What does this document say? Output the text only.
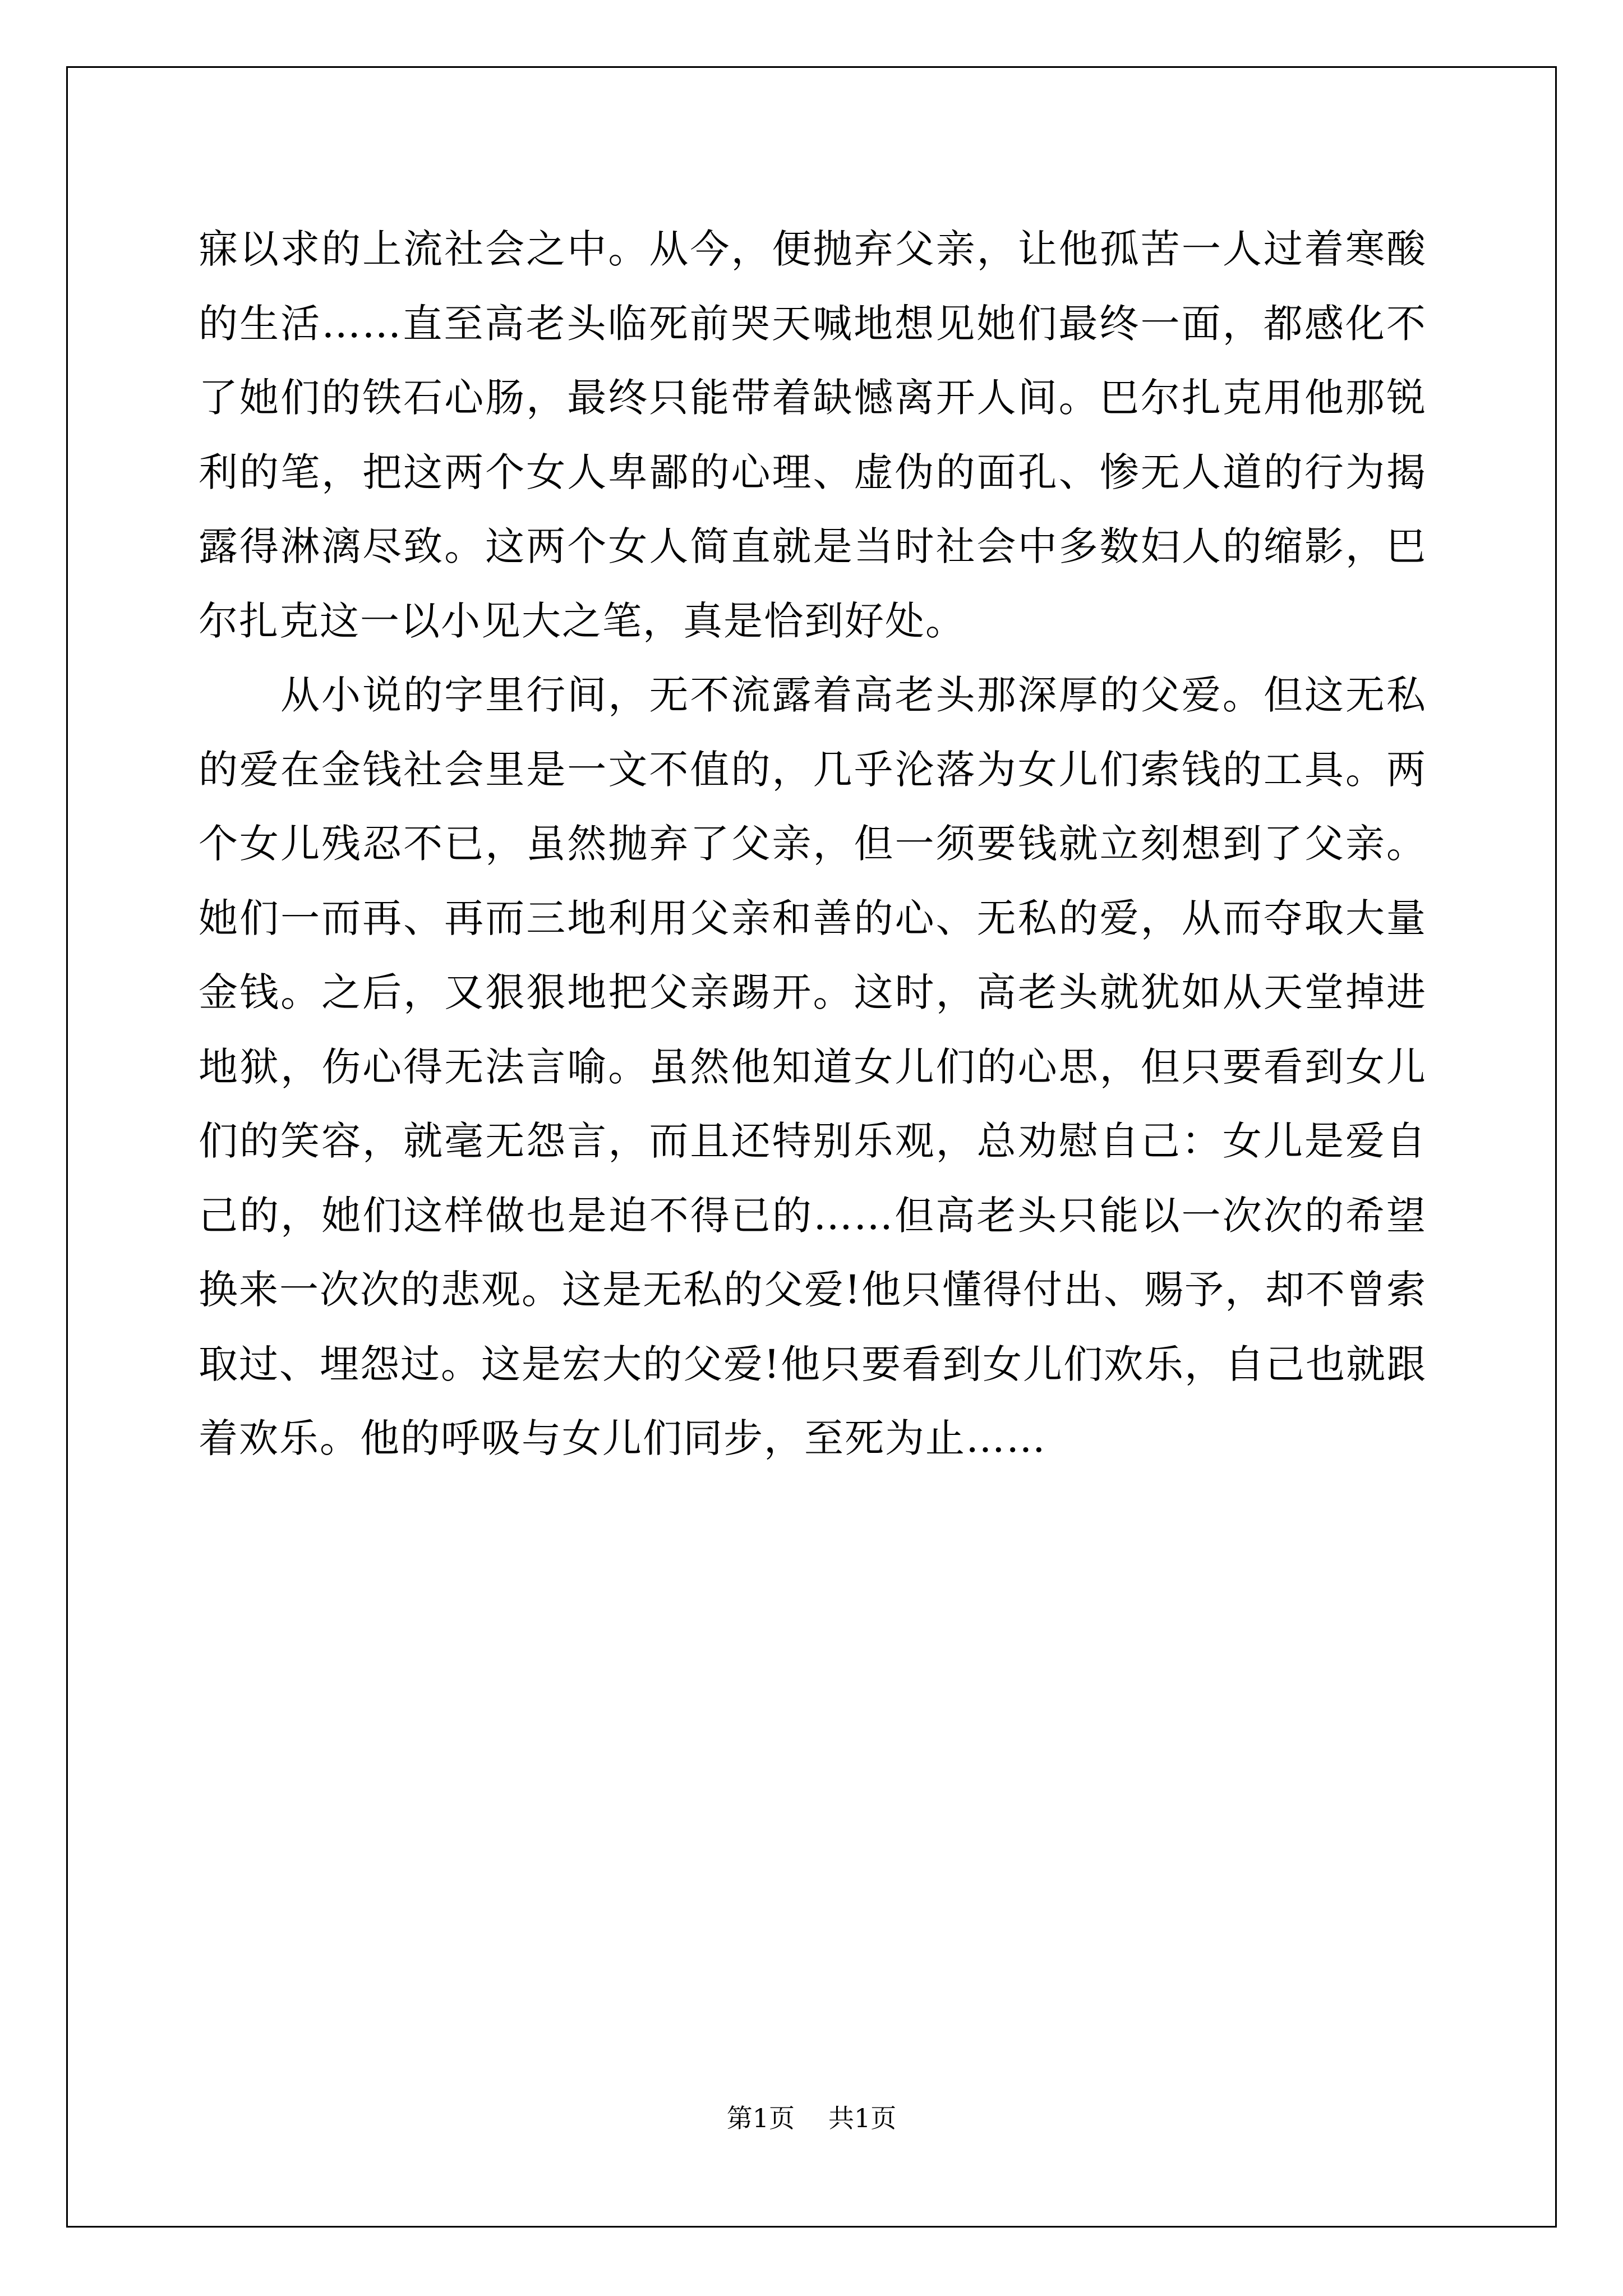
寐以求的上流社会之中。从今，便抛弃父亲，让他孤苦一人过着寒酸
的生活……直至高老头临死前哭天喊地想见她们最终一面，都感化不
了她们的铁石心肠，最终只能带着缺憾离开人间。巴尔扎克用他那锐
利的笔，把这两个女人卑鄙的心理、虚伪的面孔、惨无人道的行为揭
露得淋漓尽致。这两个女人简直就是当时社会中多数妇人的缩影，巴
尔扎克这一以小见大之笔，真是恰到好处。

从小说的字里行间，无不流露着高老头那深厚的父爱。但这无私
的爱在金钱社会里是一文不值的，几乎沦落为女儿们索钱的工具。两
个女儿残忍不已，虽然抛弃了父亲，但一须要钱就立刻想到了父亲。
她们一而再、再而三地利用父亲和善的心、无私的爱，从而夺取大量
金钱。之后，又狠狠地把父亲踢开。这时，高老头就犹如从天堂掉进
地狱，伤心得无法言喻。虽然他知道女儿们的心思，但只要看到女儿
们的笑容，就毫无怨言，而且还特别乐观，总劝慰自己：女儿是爱自
己的，她们这样做也是迫不得已的……但高老头只能以一次次的希望
换来一次次的悲观。这是无私的父爱!他只懂得付出、赐予，却不曾索
取过、埋怨过。这是宏大的父爱!他只要看到女儿们欢乐，自己也就跟
着欢乐。他的呼吸与女儿们同步，至死为止……

第1页 共1页
